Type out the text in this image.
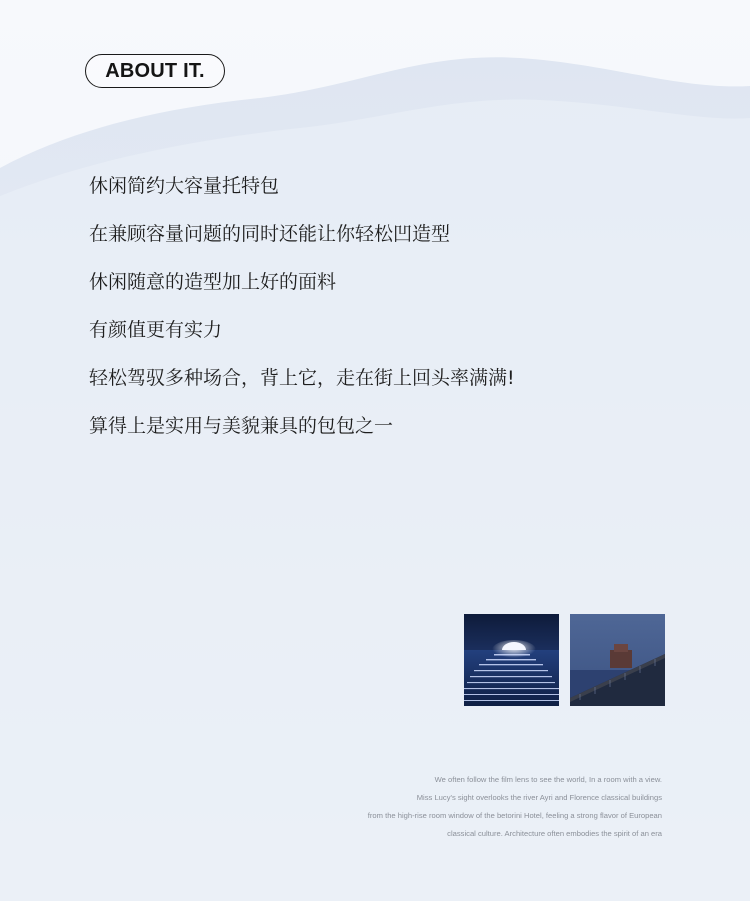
ABOUT IT.
休闲简约大容量托特包
在兼顾容量问题的同时还能让你轻松凹造型
休闲随意的造型加上好的面料
有颜值更有实力
轻松驾驭多种场合，背上它，走在街上回头率满满!
算得上是实用与美貌兼具的包包之一
We often follow the film lens to see the world, In a room with a view.
Miss Lucy's sight overlooks the river Ayri and Florence classical buildings
from the high-rise room window of the betorini Hotel, feeling a strong flavor of European
classical culture. Architecture often embodies the spirit of an era
